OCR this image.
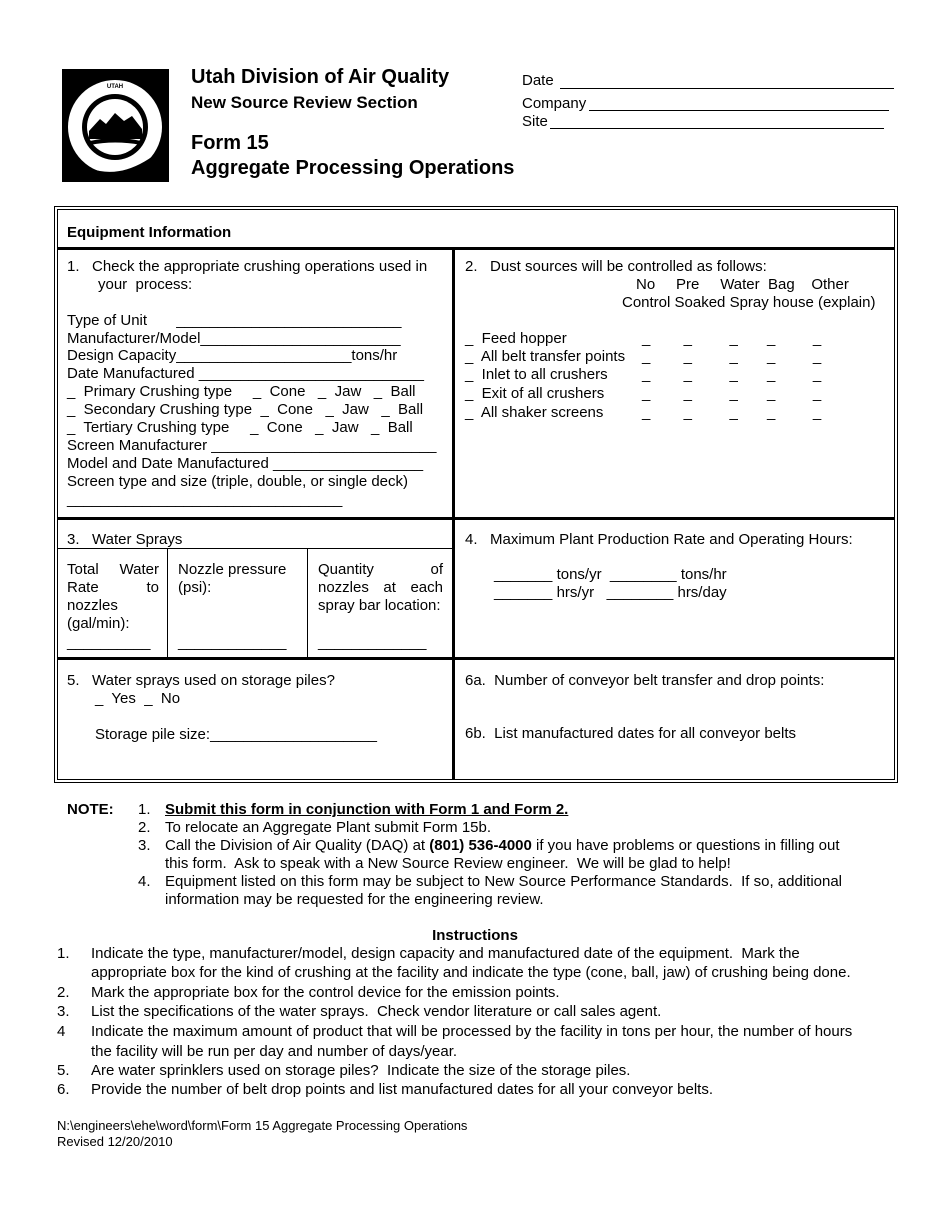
UTAH	Utah Division of Air Quality
New Source Review Section
Form 15
Aggregate Processing Operations
Date
Company
Site
Equipment Information
1.   Check the appropriate crushing operations used in
your  process:
Type of Unit       ___________________________
Manufacturer/Model________________________
Design Capacity_____________________tons/hr
Date Manufactured ___________________________
_  Primary Crushing type     _  Cone   _  Jaw   _  Ball
_  Secondary Crushing type  _  Cone   _  Jaw   _  Ball
_  Tertiary Crushing type     _  Cone   _  Jaw   _  Ball
Screen Manufacturer ___________________________
Model and Date Manufactured __________________
Screen type and size (triple, double, or single deck)
_________________________________
2.   Dust sources will be controlled as follows:
No     Pre     Water  Bag    Other
Control Soaked Spray house (explain)
_  Feed hopper	_        _         _       _         _
_  All belt transfer points _        _         _       _         _
_  Inlet to all crushers _        _         _       _         _
_  Exit of all crushers	_        _         _       _         _
_  All shaker screens	_        _         _       _         _
3.   Water Sprays
Total Water Rate to nozzles (gal/min):
Nozzle pressure (psi):
Quantity of nozzles at each spray bar location:
__________ _____________ _____________
4.   Maximum Plant Production Rate and Operating Hours:
_______ tons/yr  ________ tons/hr
_______ hrs/yr   ________ hrs/day
5.   Water sprays used on storage piles?
_  Yes  _  No
Storage pile size:____________________
6a.  Number of conveyor belt transfer and drop points:
6b.  List manufactured dates for all conveyor belts
NOTE: 1. Submit this form in conjunction with Form 1 and Form 2.
2. To relocate an Aggregate Plant submit Form 15b.
3. Call the Division of Air Quality (DAQ) at (801) 536-4000 if you have problems or questions in filling out
this form.  Ask to speak with a New Source Review engineer.  We will be glad to help!
4. Equipment listed on this form may be subject to New Source Performance Standards.  If so, additional
information may be requested for the engineering review.
Instructions
1. Indicate the type, manufacturer/model, design capacity and manufactured date of the equipment.  Mark the
appropriate box for the kind of crushing at the facility and indicate the type (cone, ball, jaw) of crushing being done.
2. Mark the appropriate box for the control device for the emission points.
3. List the specifications of the water sprays.  Check vendor literature or call sales agent.
4 Indicate the maximum amount of product that will be processed by the facility in tons per hour, the number of hours
the facility will be run per day and number of days/year.
5. Are water sprinklers used on storage piles?  Indicate the size of the storage piles.
6. Provide the number of belt drop points and list manufactured dates for all your conveyor belts.
N:\engineers\ehe\word\form\Form 15 Aggregate Processing Operations
Revised 12/20/2010
